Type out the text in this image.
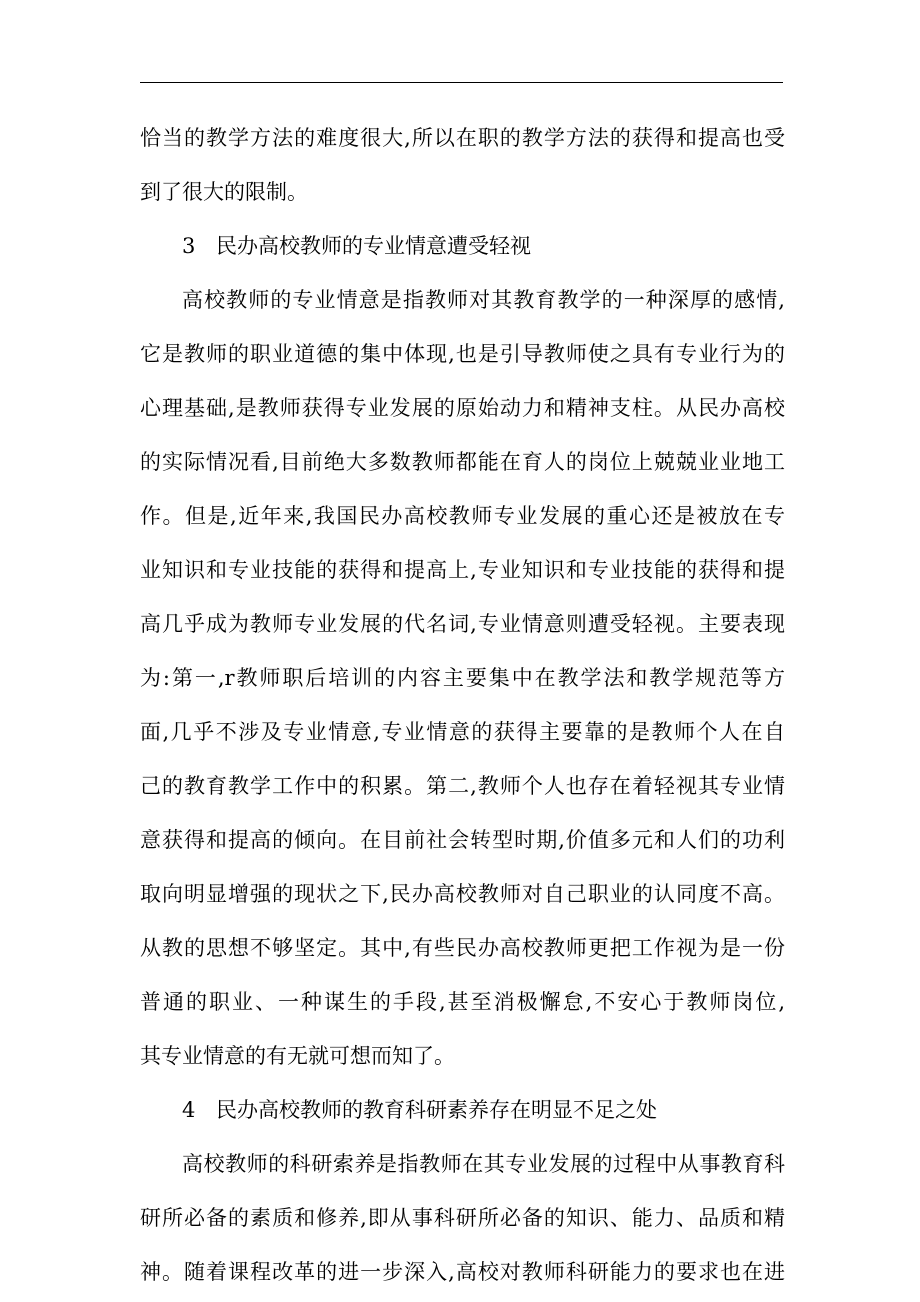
恰当的教学方法的难度很大,所以在职的教学方法的获得和提高也受
到了很大的限制。
3 民办高校教师的专业情意遭受轻视
高校教师的专业情意是指教师对其教育教学的一种深厚的感情,
它是教师的职业道德的集中体现,也是引导教师使之具有专业行为的
心理基础,是教师获得专业发展的原始动力和精神支柱。从民办高校
的实际情况看,目前绝大多数教师都能在育人的岗位上兢兢业业地工
作。但是,近年来,我国民办高校教师专业发展的重心还是被放在专
业知识和专业技能的获得和提高上,专业知识和专业技能的获得和提
高几乎成为教师专业发展的代名词,专业情意则遭受轻视。主要表现
为:第一,r教师职后培训的内容主要集中在教学法和教学规范等方
面,几乎不涉及专业情意,专业情意的获得主要靠的是教师个人在自
己的教育教学工作中的积累。第二,教师个人也存在着轻视其专业情
意获得和提高的倾向。在目前社会转型时期,价值多元和人们的功利
取向明显增强的现状之下,民办高校教师对自己职业的认同度不高。
从教的思想不够坚定。其中,有些民办高校教师更把工作视为是一份
普通的职业、一种谋生的手段,甚至消极懈怠,不安心于教师岗位,
其专业情意的有无就可想而知了。
4 民办高校教师的教育科研素养存在明显不足之处
高校教师的科研索养是指教师在其专业发展的过程中从事教育科
研所必备的素质和修养,即从事科研所必备的知识、能力、品质和精
神。随着课程改革的进一步深入,高校对教师科研能力的要求也在进
